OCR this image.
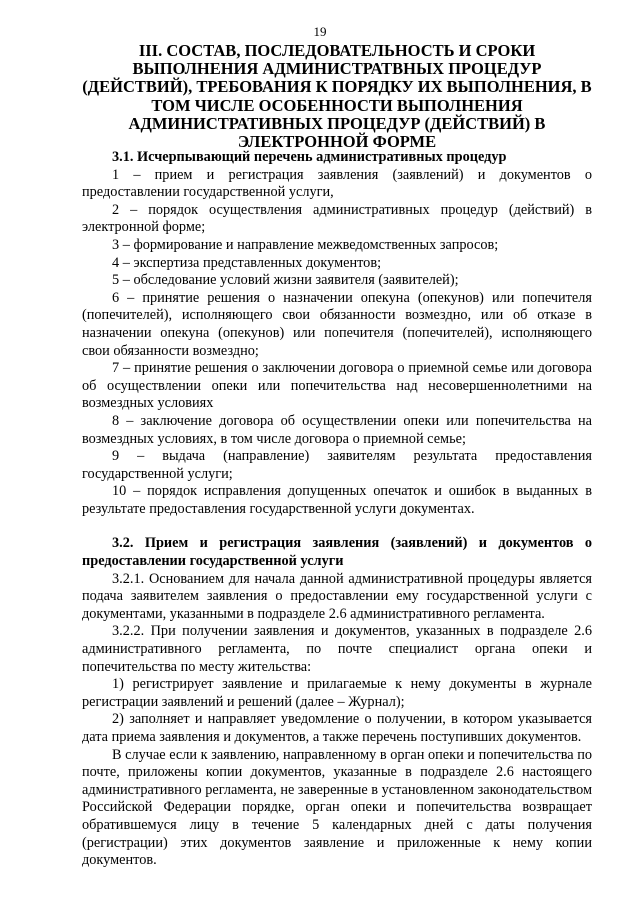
19
III. СОСТАВ, ПОСЛЕДОВАТЕЛЬНОСТЬ И СРОКИ ВЫПОЛНЕНИЯ АДМИНИСТРАТВНЫХ ПРОЦЕДУР (ДЕЙСТВИЙ), ТРЕБОВАНИЯ К ПОРЯДКУ ИХ ВЫПОЛНЕНИЯ, В ТОМ ЧИСЛЕ ОСОБЕННОСТИ ВЫПОЛНЕНИЯ АДМИНИСТРАТИВНЫХ ПРОЦЕДУР (ДЕЙСТВИЙ) В ЭЛЕКТРОННОЙ ФОРМЕ

3.1. Исчерпывающий перечень административных процедур

1 – прием и регистрация заявления (заявлений) и документов о предоставлении государственной услуги,

2 – порядок осуществления административных процедур (действий) в электронной форме;

3 – формирование и направление межведомственных запросов;

4 – экспертиза представленных документов;

5 – обследование условий жизни заявителя (заявителей);

6 – принятие решения о назначении опекуна (опекунов) или попечителя (попечителей), исполняющего свои обязанности возмездно, или об отказе в назначении опекуна (опекунов) или попечителя (попечителей), исполняющего свои обязанности возмездно;

7 – принятие решения о заключении договора о приемной семье или договора об осуществлении опеки или попечительства над несовершеннолетними на возмездных условиях

8 – заключение договора об осуществлении опеки или попечительства на возмездных условиях, в том числе договора о приемной семье;

9 – выдача (направление) заявителям результата предоставления государственной услуги;

10 – порядок исправления допущенных опечаток и ошибок в выданных в результате предоставления государственной услуги документах.

3.2. Прием и регистрация заявления (заявлений) и документов о предоставлении государственной услуги

3.2.1. Основанием для начала данной административной процедуры является подача заявителем заявления о предоставлении ему государственной услуги с документами, указанными в подразделе 2.6 административного регламента.

3.2.2. При получении заявления и документов, указанных в подразделе 2.6 административного регламента, по почте специалист органа опеки и попечительства по месту жительства:

1) регистрирует заявление и прилагаемые к нему документы в журнале регистрации заявлений и решений (далее – Журнал);

2) заполняет и направляет уведомление о получении, в котором указывается дата приема заявления и документов, а также перечень поступивших документов.

В случае если к заявлению, направленному в орган опеки и попечительства по почте, приложены копии документов, указанные в подразделе 2.6 настоящего административного регламента, не заверенные в установленном законодательством Российской Федерации порядке, орган опеки и попечительства возвращает обратившемуся лицу в течение 5 календарных дней с даты получения (регистрации) этих документов заявление и приложенные к нему копии документов.
